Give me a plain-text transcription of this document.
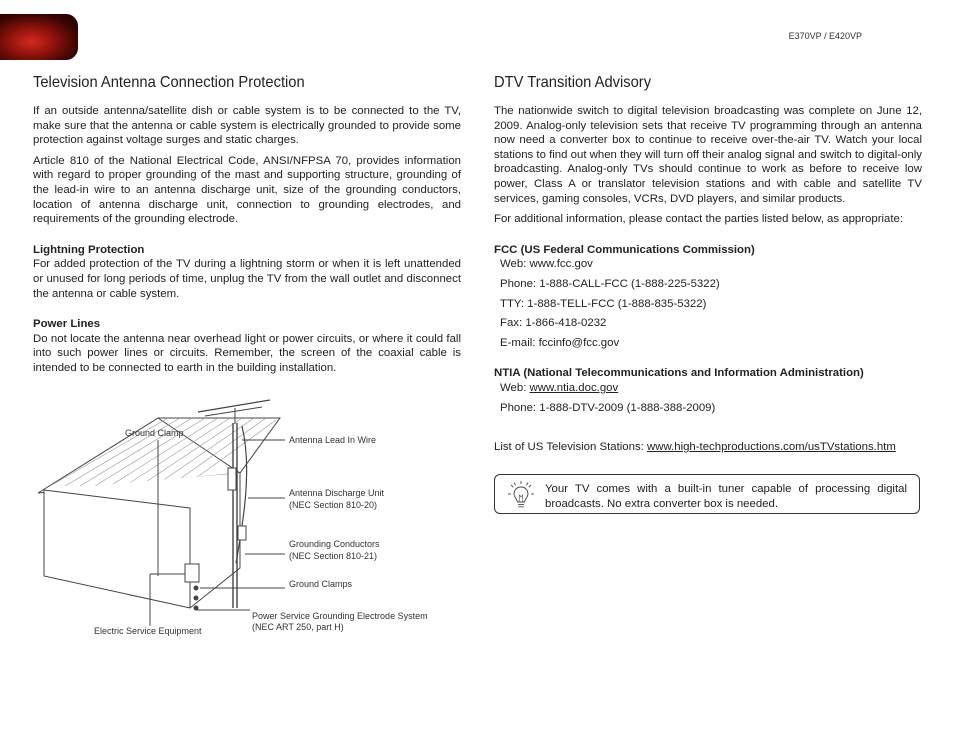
E370VP / E420VP
Television Antenna Connection Protection

If an outside antenna/satellite dish or cable system is to be connected to the TV, make sure that the antenna or cable system is electrically grounded to provide some protection against voltage surges and static charges.

Article 810 of the National Electrical Code, ANSI/NFPSA 70, provides information with regard to proper grounding of the mast and supporting structure, grounding of the lead-in wire to an antenna discharge unit, size of the grounding conductors, location of antenna discharge unit, connection to grounding electrodes, and requirements of the grounding electrode.

Lightning Protection

For added protection of the TV during a lightning storm or when it is left unattended or unused for long periods of time, unplug the TV from the wall outlet and disconnect the antenna or cable system.

Power Lines

Do not locate the antenna near overhead light or power circuits, or where it could fall into such power lines or circuits. Remember, the screen of the coaxial cable is intended to be connected to earth in the building installation.

Ground Clamp
Antenna Lead In Wire
Antenna Discharge Unit
(NEC Section 810-20)
Grounding Conductors
(NEC Section 810-21)
Ground Clamps
Power Service Grounding Electrode System
(NEC ART 250, part H)
Electric Service Equipment
DTV Transition Advisory

The nationwide switch to digital television broadcasting was complete on June 12, 2009. Analog-only television sets that receive TV programming through an antenna now need a converter box to continue to receive over-the-air TV. Watch your local stations to find out when they will turn off their analog signal and switch to digital-only broadcasting. Analog-only TVs should continue to work as before to receive low power, Class A or translator television stations and with cable and satellite TV services, gaming consoles, VCRs, DVD players, and similar products.

For additional information, please contact the parties listed below, as appropriate:

FCC (US Federal Communications Commission)

Web: www.fcc.gov

Phone: 1-888-CALL-FCC (1-888-225-5322)

TTY: 1-888-TELL-FCC (1-888-835-5322)

Fax: 1-866-418-0232

E-mail: fccinfo@fcc.gov

NTIA (National Telecommunications and Information Administration)

Web: www.ntia.doc.gov

Phone: 1-888-DTV-2009 (1-888-388-2009)

List of US Television Stations: www.high-techproductions.com/usTVstations.htm

Your TV comes with a built-in tuner capable of processing digital broadcasts. No extra converter box is needed.
